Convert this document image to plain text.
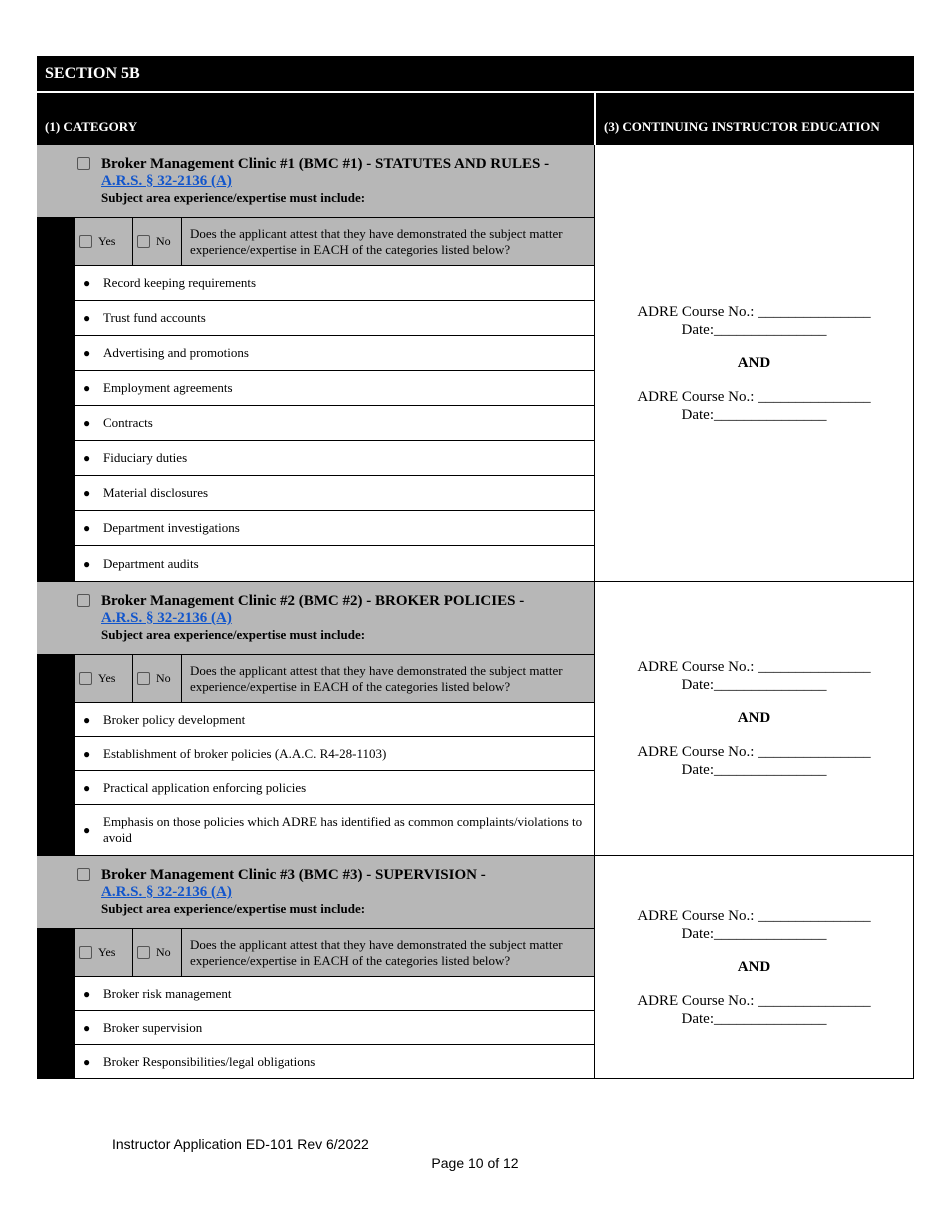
SECTION 5B
(1) CATEGORY	(3) CONTINUING INSTRUCTOR EDUCATION
Broker Management Clinic #1 (BMC #1) - STATUTES AND RULES -
A.R.S. § 32-2136 (A)
Subject area experience/expertise must include:
Yes	No
Does the applicant attest that they have demonstrated the subject matter experience/expertise in EACH of the categories listed below?
● Record keeping requirements
● Trust fund accounts
● Advertising and promotions
● Employment agreements
● Contracts
● Fiduciary duties
● Material disclosures
● Department investigations
● Department audits
ADRE Course No.: _______________
Date:_______________
AND
ADRE Course No.: _______________
Date:_______________
Broker Management Clinic #2 (BMC #2) - BROKER POLICIES -
A.R.S. § 32-2136 (A)
Subject area experience/expertise must include:
Yes	No
Does the applicant attest that they have demonstrated the subject matter experience/expertise in EACH of the categories listed below?
● Broker policy development
● Establishment of broker policies (A.A.C. R4-28-1103)
● Practical application enforcing policies
●
Emphasis on those policies which ADRE has identified as common complaints/violations to avoid
ADRE Course No.: _______________
Date:_______________
AND
ADRE Course No.: _______________
Date:_______________
Broker Management Clinic #3 (BMC #3) - SUPERVISION -
A.R.S. § 32-2136 (A)
Subject area experience/expertise must include:
Yes	No
Does the applicant attest that they have demonstrated the subject matter experience/expertise in EACH of the categories listed below?
● Broker risk management
● Broker supervision
● Broker Responsibilities/legal obligations
ADRE Course No.: _______________
Date:_______________
AND
ADRE Course No.: _______________
Date:_______________
Instructor Application ED-101 Rev 6/2022
Page 10 of 12
